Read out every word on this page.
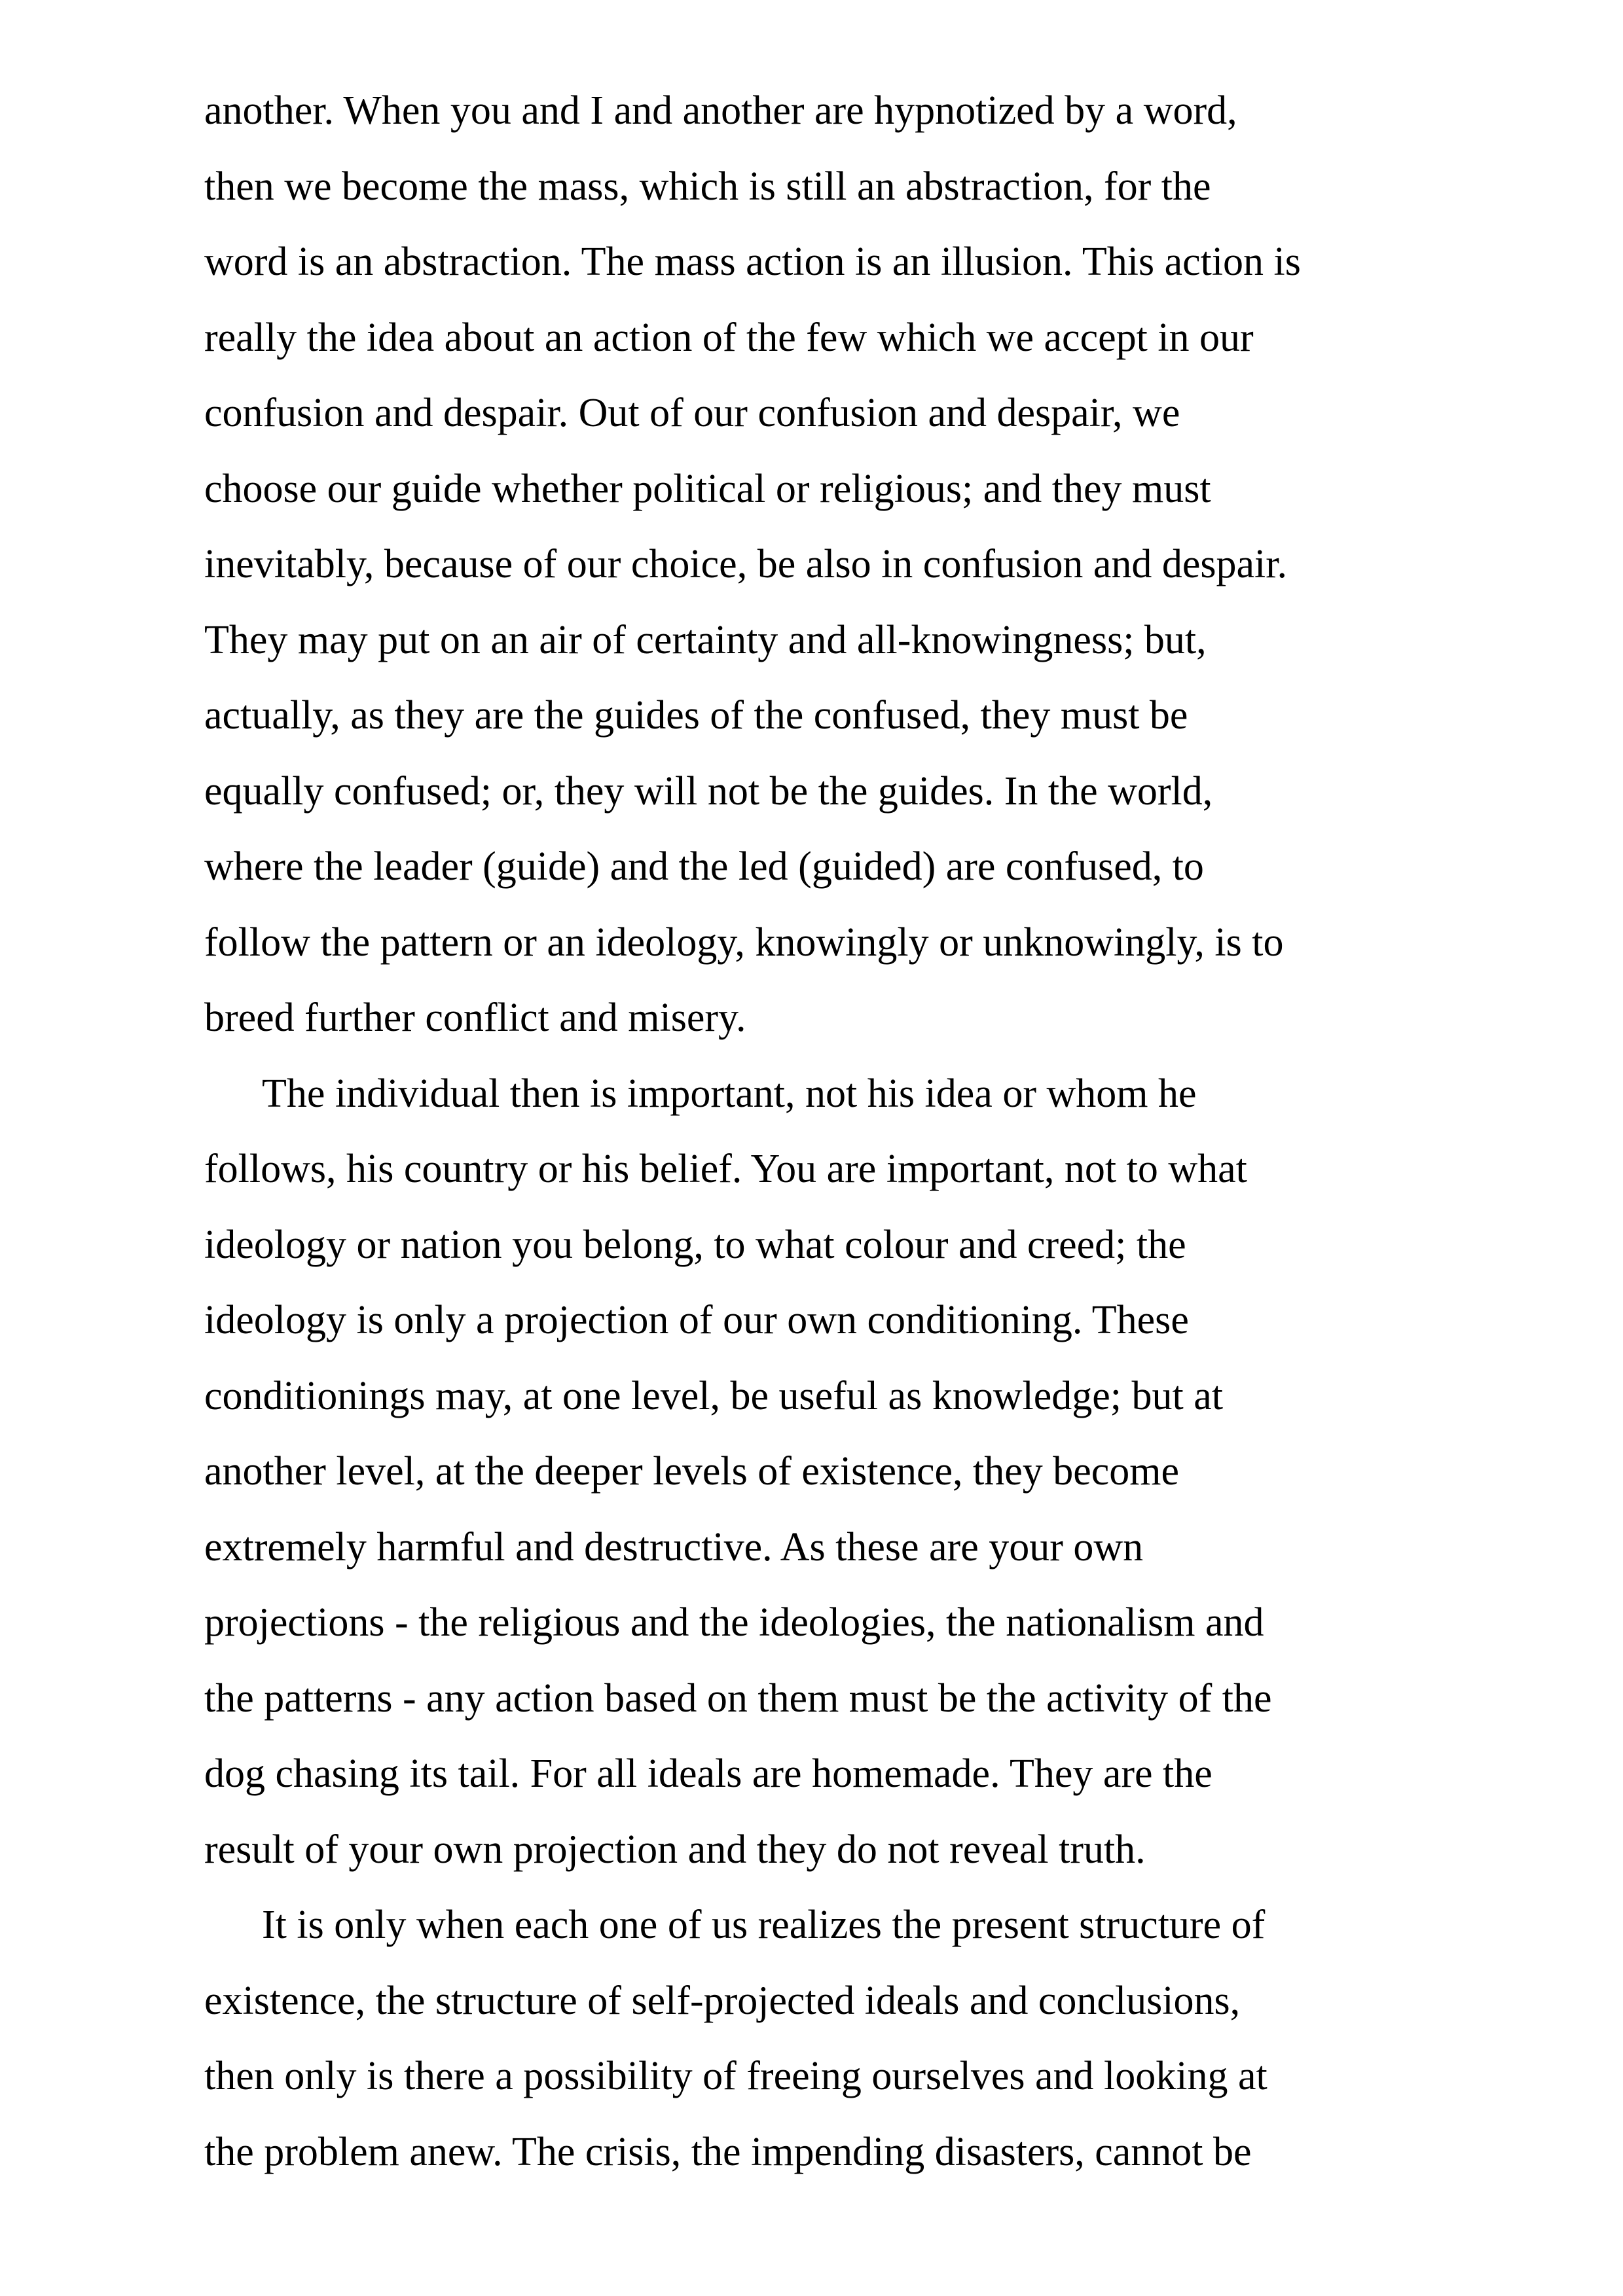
another. When you and I and another are hypnotized by a word,
then we become the mass, which is still an abstraction, for the
word is an abstraction. The mass action is an illusion. This action is
really the idea about an action of the few which we accept in our
confusion and despair. Out of our confusion and despair, we
choose our guide whether political or religious; and they must
inevitably, because of our choice, be also in confusion and despair.
They may put on an air of certainty and all-knowingness; but,
actually, as they are the guides of the confused, they must be
equally confused; or, they will not be the guides. In the world,
where the leader (guide) and the led (guided) are confused, to
follow the pattern or an ideology, knowingly or unknowingly, is to
breed further conflict and misery.
The individual then is important, not his idea or whom he
follows, his country or his belief. You are important, not to what
ideology or nation you belong, to what colour and creed; the
ideology is only a projection of our own conditioning. These
conditionings may, at one level, be useful as knowledge; but at
another level, at the deeper levels of existence, they become
extremely harmful and destructive. As these are your own
projections - the religious and the ideologies, the nationalism and
the patterns - any action based on them must be the activity of the
dog chasing its tail. For all ideals are homemade. They are the
result of your own projection and they do not reveal truth.
It is only when each one of us realizes the present structure of
existence, the structure of self-projected ideals and conclusions,
then only is there a possibility of freeing ourselves and looking at
the problem anew. The crisis, the impending disasters, cannot be
